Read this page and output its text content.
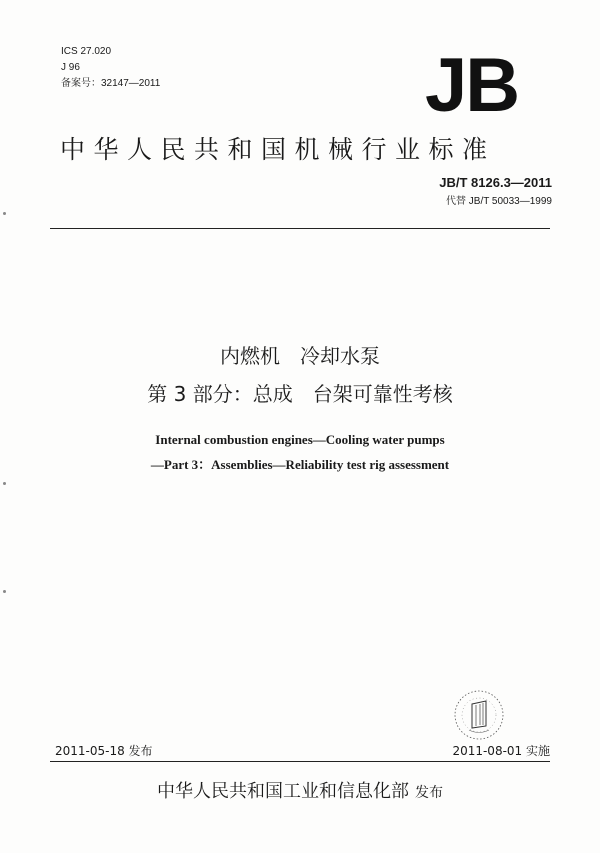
ICS 27.020
J 96
备案号：32147—2011	JB
中华人民共和国机械行业标准
JB/T 8126.3—2011
代替 JB/T 50033—1999
内燃机　冷却水泵
第 3 部分：总成　台架可靠性考核
Internal combustion engines—Cooling water pumps
—Part 3：Assemblies—Reliability test rig assessment
2011-05-18 发布	2011-08-01 实施
中华人民共和国工业和信息化部 发布
